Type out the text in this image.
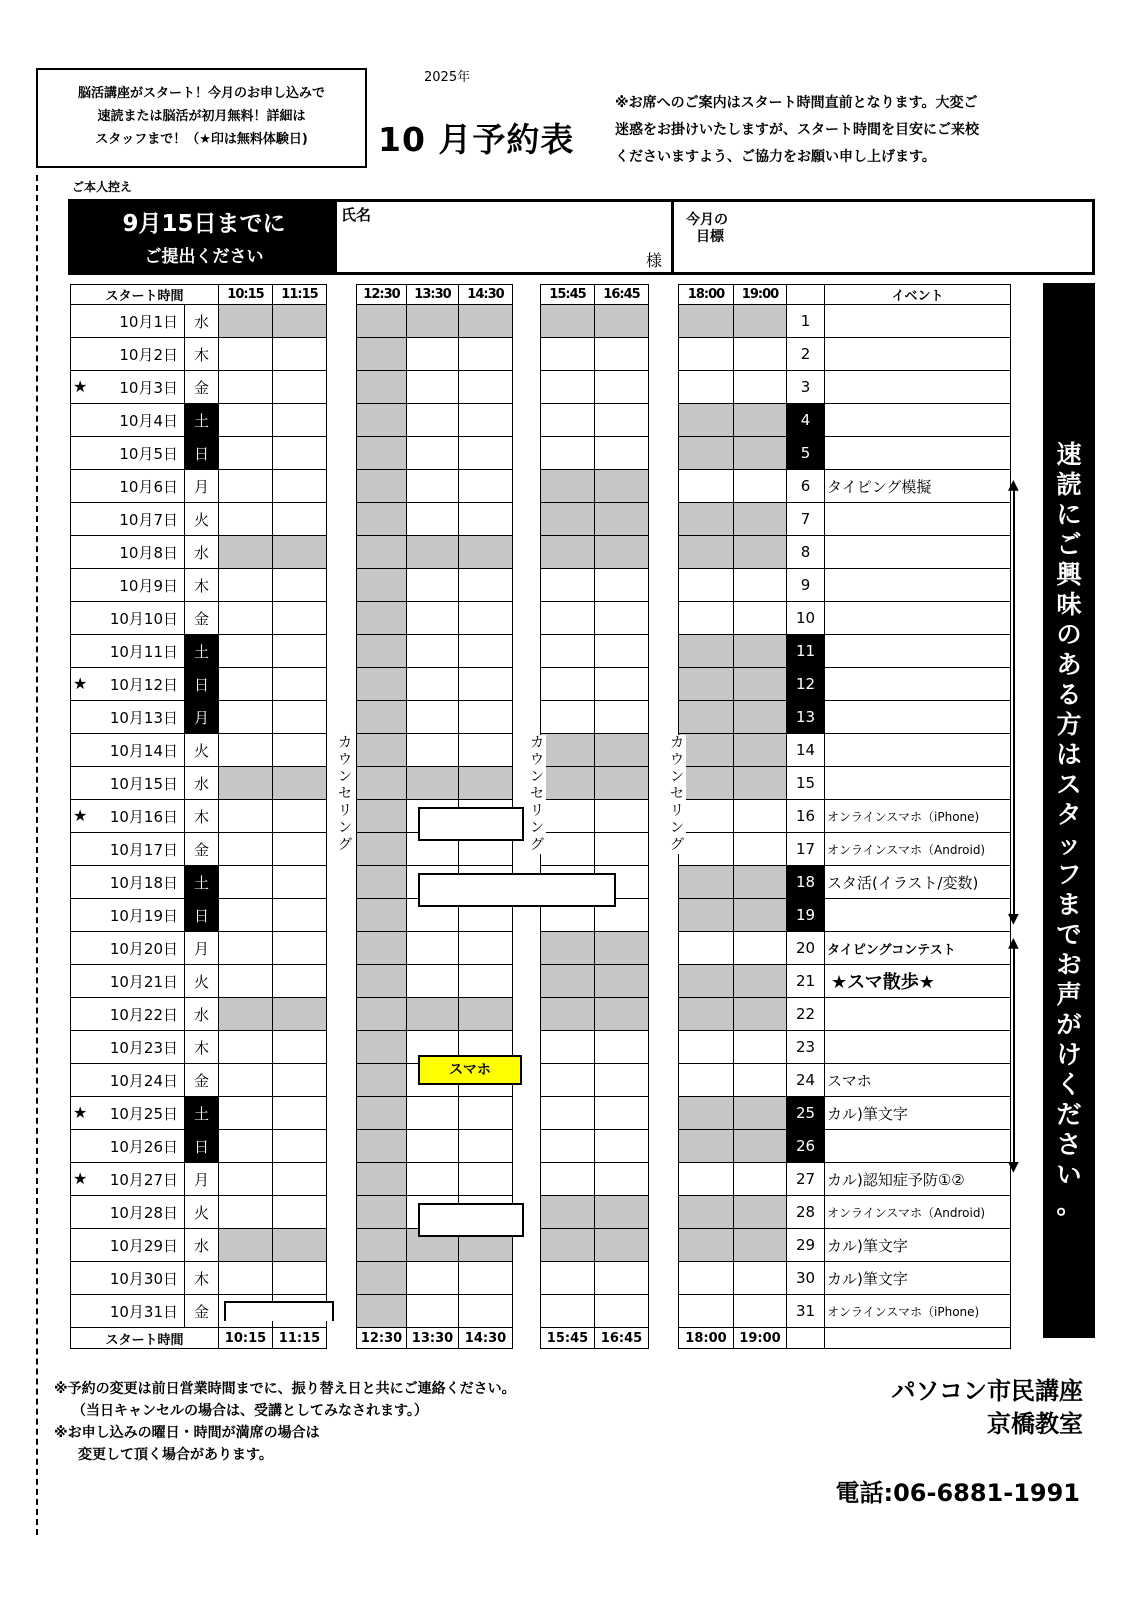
脳活講座がスタート！今月のお申し込みで
速読または脳活が初月無料！詳細は
スタッフまで！（★印は無料体験日)
2025年
10 月予約表
※お席へのご案内はスタート時間直前となります。大変ご
迷惑をお掛けいたしますが、スタート時間を目安にご来校
くださいますよう、ご協力をお願い申し上げます。
ご本人控え
9月15日までに
ご提出ください
氏名
様
今月の
目標
スタート時間		10:15	11:15		12:30	13:30	14:30		15:45	16:45		18:00	19:00		イベント
10月1日	水													1	
10月2日	木													2	

★ 10月3日	金													3	
10月4日	土													4	
10月5日	日													5	
10月6日	月													6	タイピング模擬
10月7日	火													7	
10月8日	水													8	
10月9日	木													9	
10月10日	金													10	
10月11日	土													11	

★ 10月12日	日													12	
10月13日	月													13	
10月14日	火													14	
10月15日	水													15	

★ 10月16日	木													16	オンラインスマホ（iPhone)
10月17日	金													17	オンラインスマホ（Android)
10月18日	土													18	スタ活(イラスト/変数)
10月19日	日													19	
10月20日	月													20	タイピングコンテスト
10月21日	火													21	★スマ散歩★
10月22日	水													22	
10月23日	木													23	
10月24日	金													24	スマホ

★ 10月25日	土													25	カル)筆文字
10月26日	日													26	

★ 10月27日	月													27	カル)認知症予防①②
10月28日	火													28	オンラインスマホ（Android)
10月29日	水													29	カル)筆文字
10月30日	木													30	カル)筆文字
10月31日	金													31	オンラインスマホ（iPhone)
スタート時間		10:15	11:15		12:30	13:30	14:30		15:45	16:45		18:00	19:00		
カウンセリング
カウンセリング
カウンセリング
スマホ
▲
▼
▲
▼
速
読
に
ご
興
味
の
あ
る
方
は
ス
タ
ッ
フ
ま
で
お
声
が
け
く
だ
さ
い
。
※予約の変更は前日営業時間までに、振り替え日と共にご連絡ください。
（当日キャンセルの場合は、受講としてみなされます。）
※お申し込みの曜日・時間が満席の場合は
変更して頂く場合があります。
パソコン市民講座
京橋教室
電話:06-6881-1991
